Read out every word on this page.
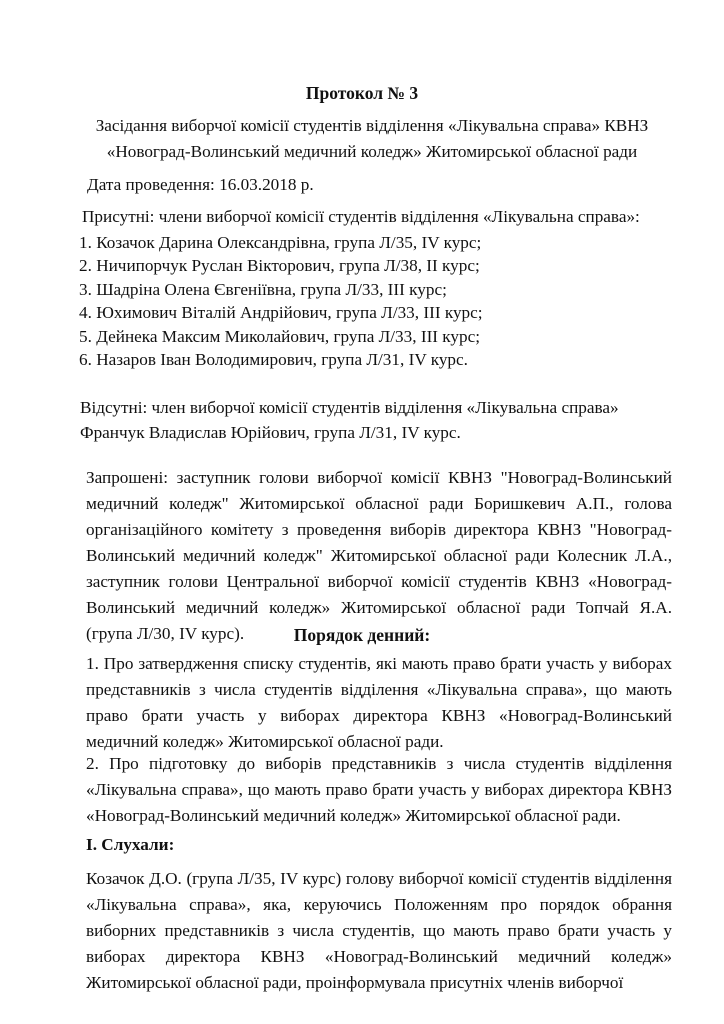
Протокол № 3
Засідання виборчої комісії студентів відділення «Лікувальна справа» КВНЗ
«Новоград-Волинський медичний коледж» Житомирської обласної ради
Дата проведення: 16.03.2018 р.
Присутні: члени виборчої комісії студентів відділення «Лікувальна справа»:
1. Козачок Дарина Олександрівна, група Л/35, IV курс;
2. Ничипорчук Руслан Вікторович, група Л/38, II курс;
3. Шадріна Олена Євгеніївна, група Л/33, III курс;
4. Юхимович Віталій Андрійович, група Л/33, III курс;
5. Дейнека Максим Миколайович, група Л/33, III курс;
6. Назаров Іван Володимирович, група Л/31, IV курс.
Відсутні: член виборчої комісії студентів відділення «Лікувальна справа»
Франчук Владислав Юрійович, група Л/31, IV курс.
Запрошені: заступник голови виборчої комісії КВНЗ "Новоград-Волинський медичний коледж" Житомирської обласної ради Боришкевич А.П., голова організаційного комітету з проведення виборів директора КВНЗ "Новоград-Волинський медичний коледж" Житомирської обласної ради Колесник Л.А., заступник голови Центральної виборчої комісії студентів КВНЗ «Новоград-Волинський медичний коледж» Житомирської обласної ради Топчай Я.А. (група Л/30, IV курс).	Порядок денний:
1. Про затвердження списку студентів, які мають право брати участь у виборах представників з числа студентів відділення «Лікувальна справа», що мають право брати участь у виборах директора КВНЗ «Новоград-Волинський медичний коледж» Житомирської обласної ради.
2. Про підготовку до виборів представників з числа студентів відділення «Лікувальна справа», що мають право брати участь у виборах директора КВНЗ «Новоград-Волинський медичний коледж» Житомирської обласної ради.
I. Слухали:
Козачок Д.О. (група Л/35, IV курс) голову виборчої комісії студентів відділення «Лікувальна справа», яка, керуючись Положенням про порядок обрання виборних представників з числа студентів, що мають право брати участь у виборах директора КВНЗ «Новоград-Волинський медичний коледж» Житомирської обласної ради, проінформувала присутніх членів виборчої
